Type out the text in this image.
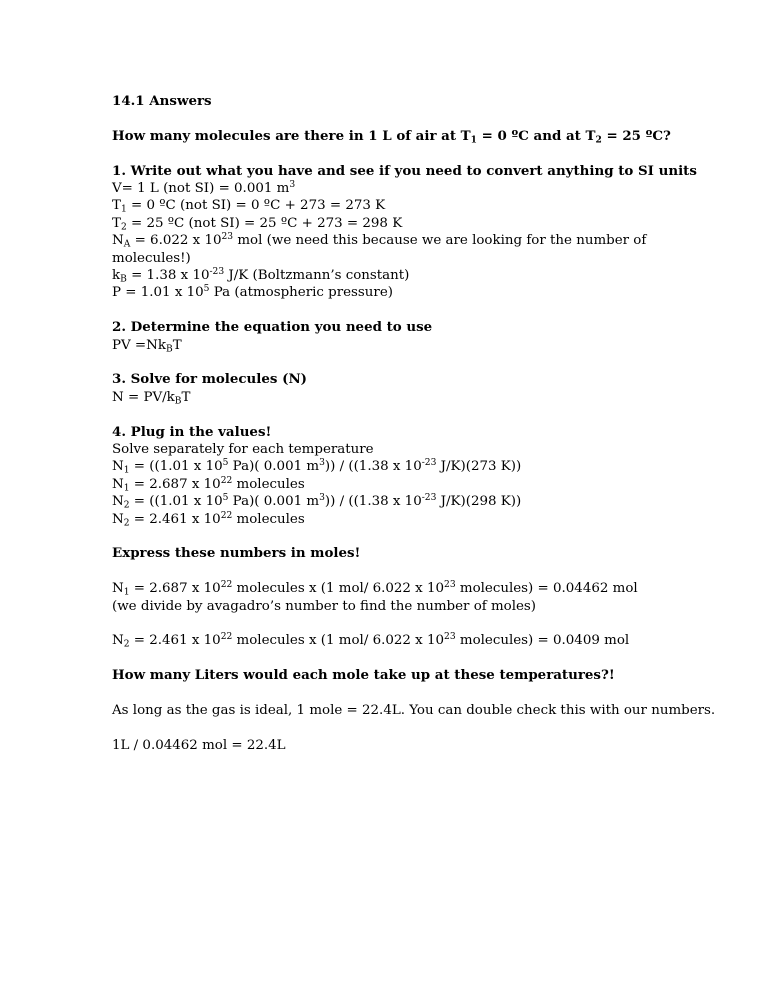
14.1 Answers

How many molecules are there in 1 L of air at $T_1 = 0$ ºC and at $T_2 = 25$ ºC?

1. Write out what you have and see if you need to convert anything to SI units

V= 1 L (not SI) = 0.001 $m^3$

$T_1 = 0$ ºC (not SI) = 0 ºC + 273 = 273 K

$T_2 = 25$ ºC (not SI) = 25 ºC + 273 = 298 K

$N_A = 6.022$ x $10^{23}$ mol (we need this because we are looking for the number of molecules!)

$k_B = 1.38$ x $10^{-23}$ J/K (Boltzmann’s constant)

P = 1.01 x $10^5$ Pa (atmospheric pressure)

2. Determine the equation you need to use

PV $=Nk_BT$

3. Solve for molecules (N)

$N = PV/k_BT$

4. Plug in the values!

Solve separately for each temperature

$N_1 = ((1.01$ x $10^5$ Pa)( 0.001 $m^3)) / ((1.38$ x $10^{-23}$ J/K)(273 K))

$N_1 = 2.687$ x $10^{22}$ molecules

$N_2 = ((1.01$ x $10^5$ Pa)( 0.001 $m^3)) / ((1.38$ x $10^{-23}$ J/K)(298 K))

$N_2 = 2.461$ x $10^{22}$ molecules

Express these numbers in moles!

$N_1 = 2.687$ x $10^{22}$ molecules x (1 mol/ 6.022 x $10^{23}$ molecules) = 0.04462 mol

(we divide by avagadro’s number to find the number of moles)

$N_2 = 2.461$ x $10^{22}$ molecules x (1 mol/ 6.022 x $10^{23}$ molecules) = 0.0409 mol

How many Liters would each mole take up at these temperatures?!

As long as the gas is ideal, 1 mole = 22.4L. You can double check this with our numbers.

1L / 0.04462 mol = 22.4L
